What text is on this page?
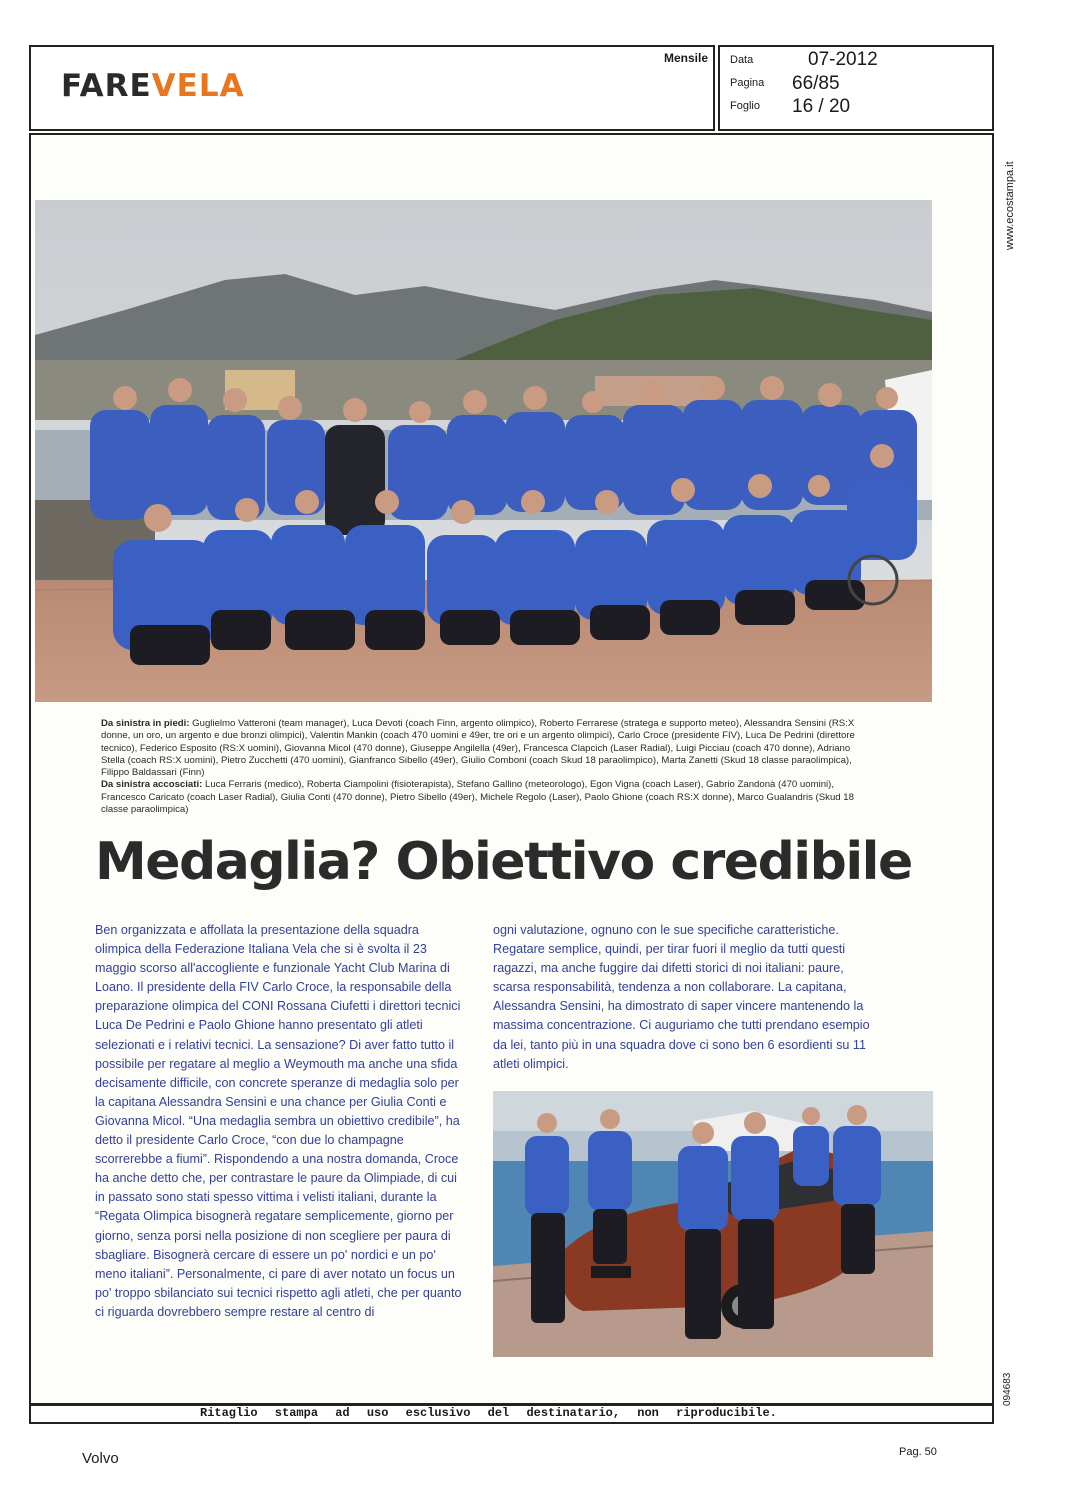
FAREVELA
Mensile Data	07-2012
Pagina 66/85
Foglio 16 / 20
Da sinistra in piedi: Guglielmo Vatteroni (team manager), Luca Devoti (coach Finn, argento olimpico), Roberto Ferrarese (stratega e supporto meteo), Alessandra Sensini (RS:X donne, un oro, un argento e due bronzi olimpici), Valentin Mankin (coach 470 uomini e 49er, tre ori e un argento olimpici), Carlo Croce (presidente FIV), Luca De Pedrini (direttore tecnico), Federico Esposito (RS:X uomini), Giovanna Micol (470 donne), Giuseppe Angilella (49er), Francesca Clapcich (Laser Radial), Luigi Picciau (coach 470 donne), Adriano Stella (coach RS:X uomini), Pietro Zucchetti (470 uomini), Gianfranco Sibello (49er), Giulio Comboni (coach Skud 18 paraolimpico), Marta Zanetti (Skud 18 classe paraolimpica), Filippo Baldassari (Finn)
Da sinistra accosciati: Luca Ferraris (medico), Roberta Ciampolini (fisioterapista), Stefano Gallino (meteorologo), Egon Vigna (coach Laser), Gabrio Zandonà (470 uomini), Francesco Caricato (coach Laser Radial), Giulia Conti (470 donne), Pietro Sibello (49er), Michele Regolo (Laser), Paolo Ghione (coach RS:X donne), Marco Gualandris (Skud 18 classe paraolimpica)
Medaglia? Obiettivo credibile
Ben organizzata e affollata la presentazione della squadra olimpica della Federazione Italiana Vela che si è svolta il 23 maggio scorso all'accogliente e funzionale Yacht Club Marina di Loano. Il presidente della FIV Carlo Croce, la responsabile della preparazione olimpica del CONI Rossana Ciufetti i direttori tecnici Luca De Pedrini e Paolo Ghione hanno presentato gli atleti selezionati e i relativi tecnici. La sensazione? Di aver fatto tutto il possibile per regatare al meglio a Weymouth ma anche una sfida decisamente difficile, con concrete speranze di medaglia solo per la capitana Alessandra Sensini e una chance per Giulia Conti e Giovanna Micol. “Una medaglia sembra un obiettivo credibile”, ha detto il presidente Carlo Croce, “con due lo champagne scorrerebbe a fiumi”. Rispondendo a una nostra domanda, Croce ha anche detto che, per contrastare le paure da Olimpiade, di cui in passato sono stati spesso vittima i velisti italiani, durante la “Regata Olimpica bisognerà regatare semplicemente, giorno per giorno, senza porsi nella posizione di non scegliere per paura di sbagliare. Bisognerà cercare di essere un po' nordici e un po' meno italiani”. Personalmente, ci pare di aver notato un focus un po' troppo sbilanciato sui tecnici rispetto agli atleti, che per quanto ci riguarda dovrebbero sempre restare al centro di
ogni valutazione, ognuno con le sue specifiche caratteristiche. Regatare semplice, quindi, per tirar fuori il meglio da tutti questi ragazzi, ma anche fuggire dai difetti storici di noi italiani: paure, scarsa responsabilità, tendenza a non collaborare. La capitana, Alessandra Sensini, ha dimostrato di saper vincere mantenendo la massima concentrazione. Ci auguriamo che tutti prendano esempio da lei, tanto più in una squadra dove ci sono ben 6 esordienti su 11 atleti olimpici.
www.ecostampa.it
094683
Ritaglio stampa ad uso esclusivo del destinatario, non riproducibile.
Volvo	Pag. 50
